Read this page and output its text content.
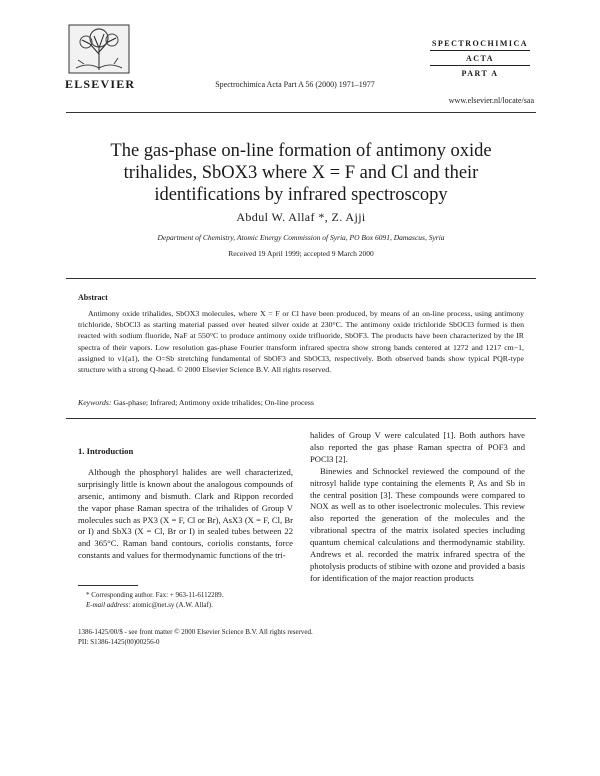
ELSEVIER	Spectrochimica Acta Part A 56 (2000) 1971–1977
SPECTROCHIMICA
ACTA
PART A
www.elsevier.nl/locate/saa
The gas-phase on-line formation of antimony oxide
trihalides, SbOX3 where X = F and Cl and their
identifications by infrared spectroscopy
Abdul W. Allaf *, Z. Ajji
Department of Chemistry, Atomic Energy Commission of Syria, PO Box 6091, Damascus, Syria
Received 19 April 1999; accepted 9 March 2000
Abstract
Antimony oxide trihalides, SbOX3 molecules, where X = F or Cl have been produced, by means of an on-line process, using antimony trichloride, SbOCl3 as starting material passed over heated silver oxide at 230°C. The antimony oxide trichloride SbOCl3 formed is then reacted with sodium fluoride, NaF at 550°C to produce antimony oxide trifluoride, SbOF3. The products have been characterized by the IR spectra of their vapors. Low resolution gas-phase Fourier transform infrared spectra show strong bands centered at 1272 and 1217 cm−1, assigned to ν1(a1), the O=Sb stretching fundamental of SbOF3 and SbOCl3, respectively. Both observed bands show typical PQR-type structure with a strong Q-head. © 2000 Elsevier Science B.V. All rights reserved.
Keywords: Gas-phase; Infrared; Antimony oxide trihalides; On-line process
1. Introduction

Although the phosphoryl halides are well characterized, surprisingly little is known about the analogous compounds of arsenic, antimony and bismuth. Clark and Rippon recorded the vapor phase Raman spectra of the trihalides of Group V molecules such as PX3 (X = F, Cl or Br), AsX3 (X = F, Cl, Br or I) and SbX3 (X = Cl, Br or I) in sealed tubes between 22 and 365°C. Raman band contours, coriolis constants, force constants and values for thermodynamic functions of the tri-

halides of Group V were calculated [1]. Both authors have also reported the gas phase Raman spectra of POF3 and POCl3 [2].

Binewies and Schnockel reviewed the compound of the nitrosyl halide type containing the elements P, As and Sb in the central position [3]. These compounds were compared to NOX as well as to other isoelectronic molecules. This review also reported the generation of the molecules and the vibrational spectra of the matrix isolated species including quantum chemical calculations and thermodynamic stability. Andrews et al. recorded the matrix infrared spectra of the photolysis products of stibine with ozone and provided a basis for identification of the major reaction products

* Corresponding author. Fax: + 963-11-6112289.
E-mail address: atomic@net.sy (A.W. Allaf).
1386-1425/00/$ - see front matter © 2000 Elsevier Science B.V. All rights reserved.
PII: S1386-1425(00)00256-0
